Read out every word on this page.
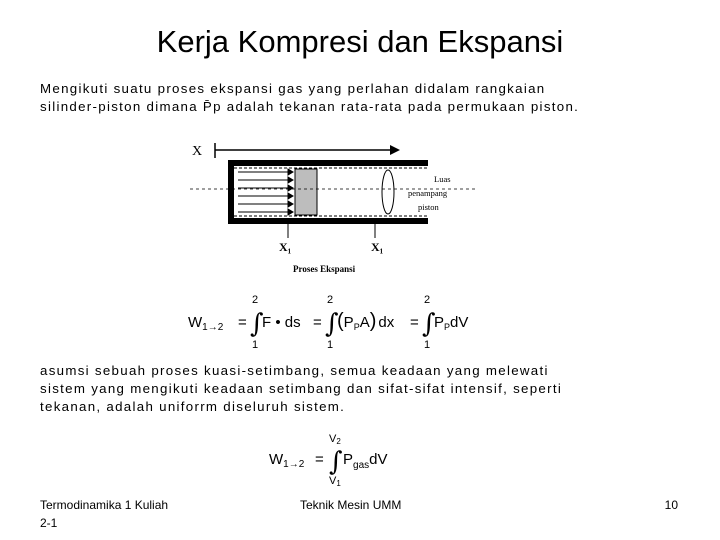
Kerja Kompresi dan Ekspansi
Mengikuti suatu proses ekspansi gas yang perlahan didalam rangkaian
silinder-piston dimana P̄p adalah tekanan rata-rata pada permukaan piston.
X
Luas
penampang
piston
X₁	X₁
Proses Ekspansi
$W_{1\to 2}$ =
2
∫
1
F • ds =
2
∫
1
$(P_PA)$ dx =
2
∫
1
$P_PdV$
asumsi sebuah proses kuasi-setimbang, semua keadaan yang melewati
sistem yang mengikuti keadaan setimbang dan sifat-sifat intensif, seperti
tekanan, adalah uniforrm diseluruh sistem.
$W_{1\to 2}$ =
V2
∫
V1
$P_{gas}dV$
Termodinamika 1 Kuliah
2-1
Teknik Mesin UMM	10
